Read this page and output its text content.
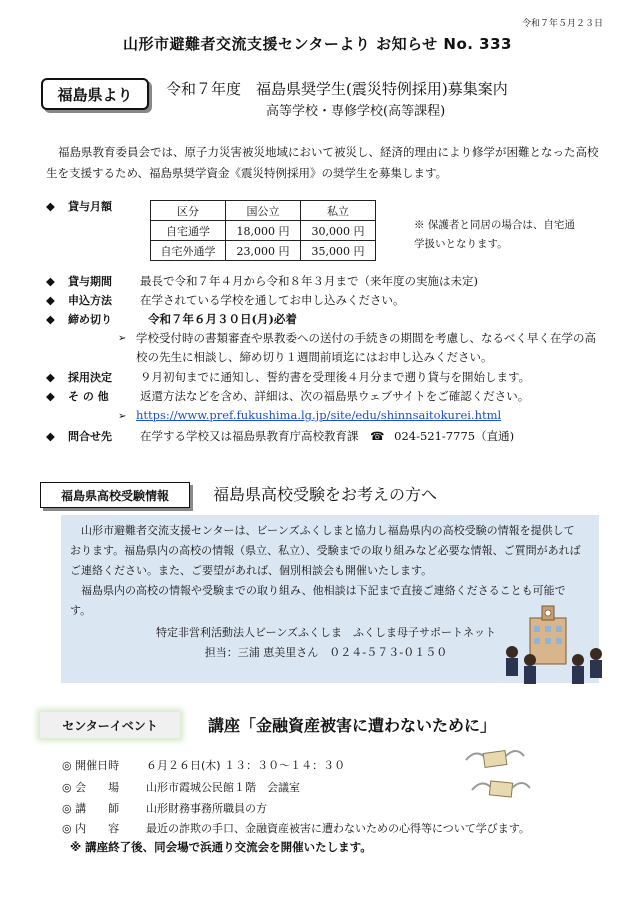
令和７年５月２３日
山形市避難者交流支援センターより お知らせ No. 333
福島県より	令和７年度　福島県奨学生(震災特例採用)募集案内
高等学校・専修学校(高等課程)
福島県教育委員会では、原子力災害被災地域において被災し、経済的理由により修学が困難となった高校生を支援するため、福島県奨学資金《震災特例採用》の奨学生を募集します。
◆ 貸与月額	区分	国公立	私立
自宅通学	18,000 円	30,000 円
自宅外通学	23,000 円	35,000 円
※ 保護者と同居の場合は、自宅通学扱いとなります。
◆ 貸与期間 最長で令和７年４月から令和８年３月まで（来年度の実施は未定)
◆ 申込方法 在学されている学校を通してお申し込みください。
◆ 締め切り	令和７年６月３０日(月)必着
➢ 学校受付時の書類審査や県教委への送付の手続きの期間を考慮し、なるべく早く在学の高校の先生に相談し、締め切り１週間前頃迄にはお申し込みください。
◆ 採用決定 ９月初旬までに通知し、誓約書を受理後４月分まで遡り貸与を開始します。
◆ そ の 他	返還方法などを含め、詳細は、次の福島県ウェブサイトをご確認ください。
➢ https://www.pref.fukushima.lg.jp/site/edu/shinnsaitokurei.html
◆ 問合せ先 在学する学校又は福島県教育庁高校教育課 ☎ 024-521-7775（直通)
福島県高校受験情報	福島県高校受験をお考えの方へ
山形市避難者交流支援センターは、ビーンズふくしまと協力し福島県内の高校受験の情報を提供しております。福島県内の高校の情報（県立、私立）、受験までの取り組みなど必要な情報、ご質問があればご連絡ください。また、ご要望があれば、個別相談会も開催いたします。
福島県内の高校の情報や受験までの取り組み、他相談は下記まで直接ご連絡くださることも可能です。
特定非営利活動法人ビーンズふくしま　ふくしま母子サポートネット
担当：三浦 恵美里さん　０２４-５７３-０１５０
センターイベント	講座「金融資産被害に遭わないために」
◎ 開催日時 ６月２６日(木) １３：３０～１４：３０
◎ 会　　場 山形市霞城公民館１階　会議室
◎ 講　　師 山形財務事務所職員の方
◎ 内　　容 最近の詐欺の手口、金融資産被害に遭わないための心得等について学びます。
※ 講座終了後、同会場で浜通り交流会を開催いたします。
